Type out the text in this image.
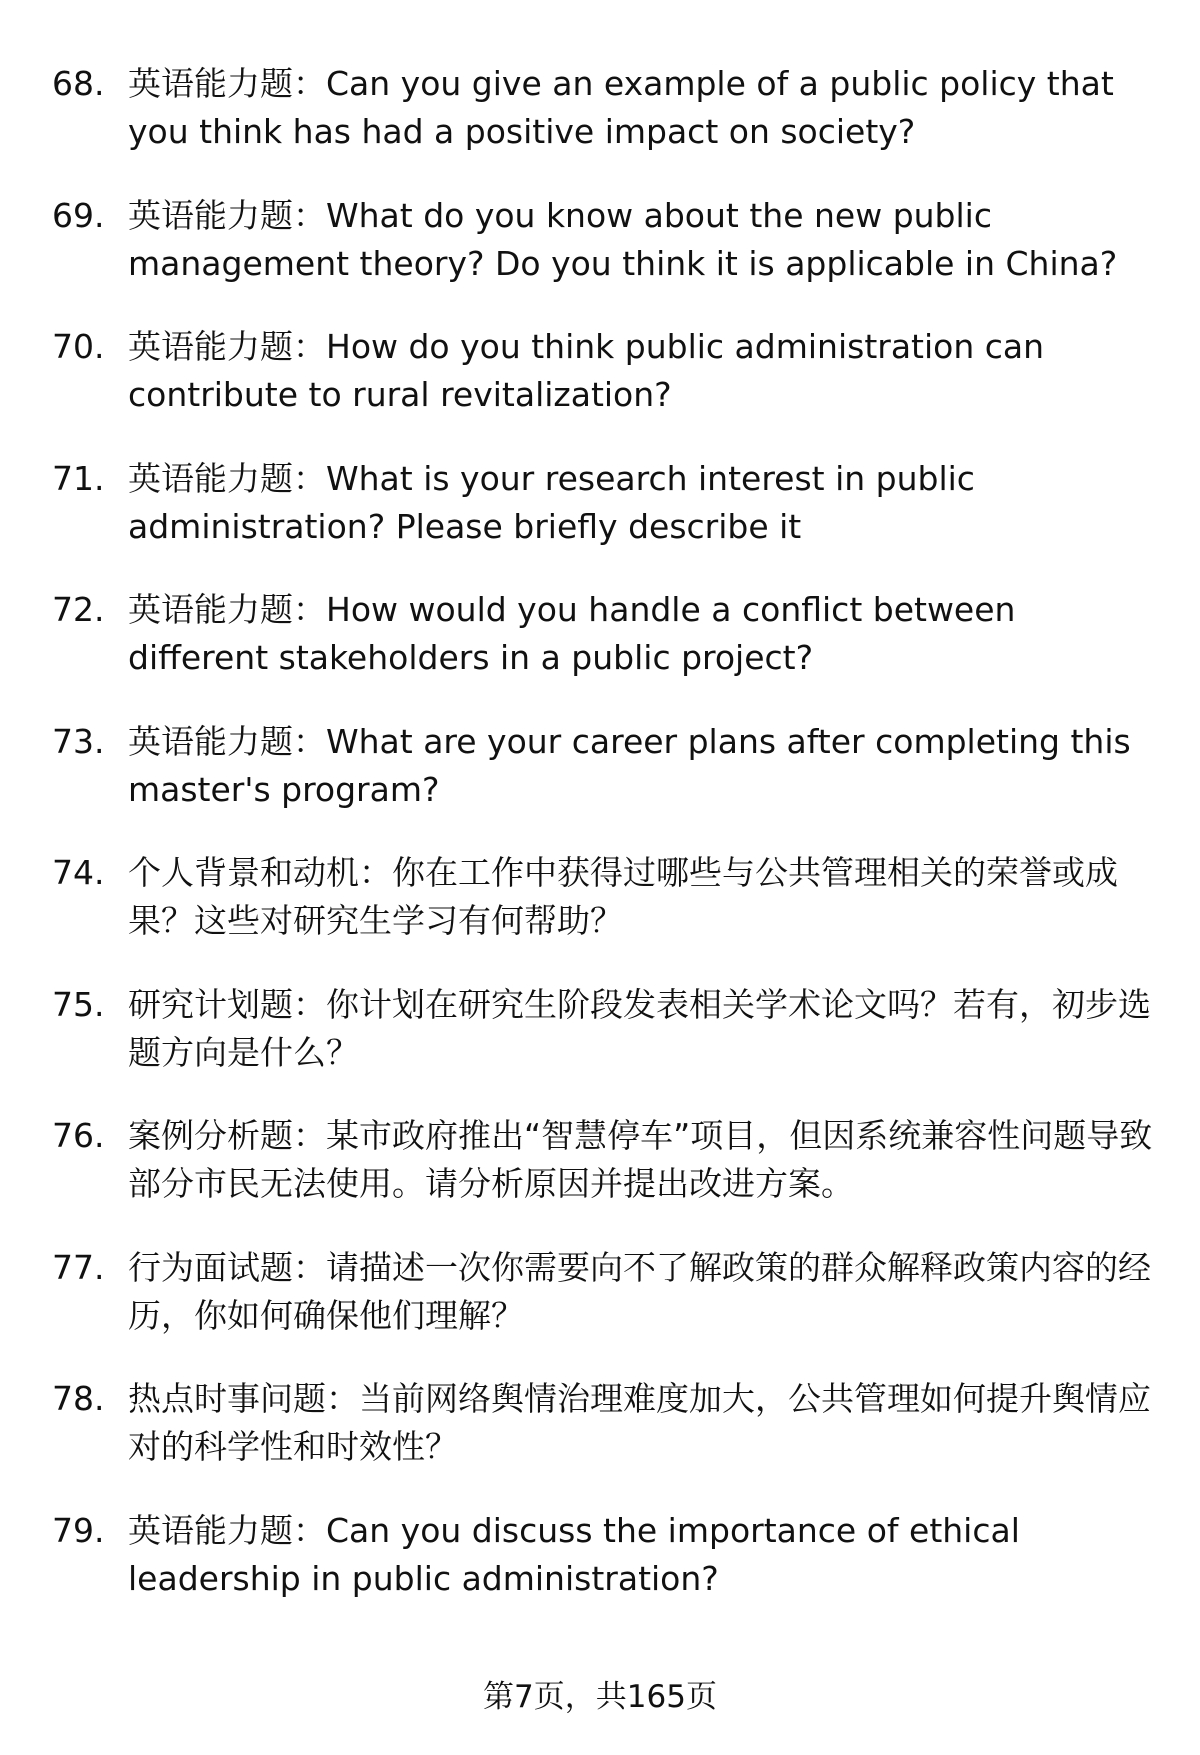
68. 英语能力题：Can you give an example of a public policy that you think has had a positive impact on society?
69. 英语能力题：What do you know about the new public management theory? Do you think it is applicable in China?
70. 英语能力题：How do you think public administration can contribute to rural revitalization?
71. 英语能力题：What is your research interest in public administration? Please briefly describe it
72. 英语能力题：How would you handle a conflict between different stakeholders in a public project?
73. 英语能力题：What are your career plans after completing this master's program?
74. 个人背景和动机：你在工作中获得过哪些与公共管理相关的荣誉或成果？这些对研究生学习有何帮助？
75. 研究计划题：你计划在研究生阶段发表相关学术论文吗？若有，初步选题方向是什么？
76. 案例分析题：某市政府推出“智慧停车”项目，但因系统兼容性问题导致部分市民无法使用。请分析原因并提出改进方案。
77. 行为面试题：请描述一次你需要向不了解政策的群众解释政策内容的经历，你如何确保他们理解？
78. 热点时事问题：当前网络舆情治理难度加大，公共管理如何提升舆情应对的科学性和时效性？
79. 英语能力题：Can you discuss the importance of ethical leadership in public administration?
第7页，共165页
